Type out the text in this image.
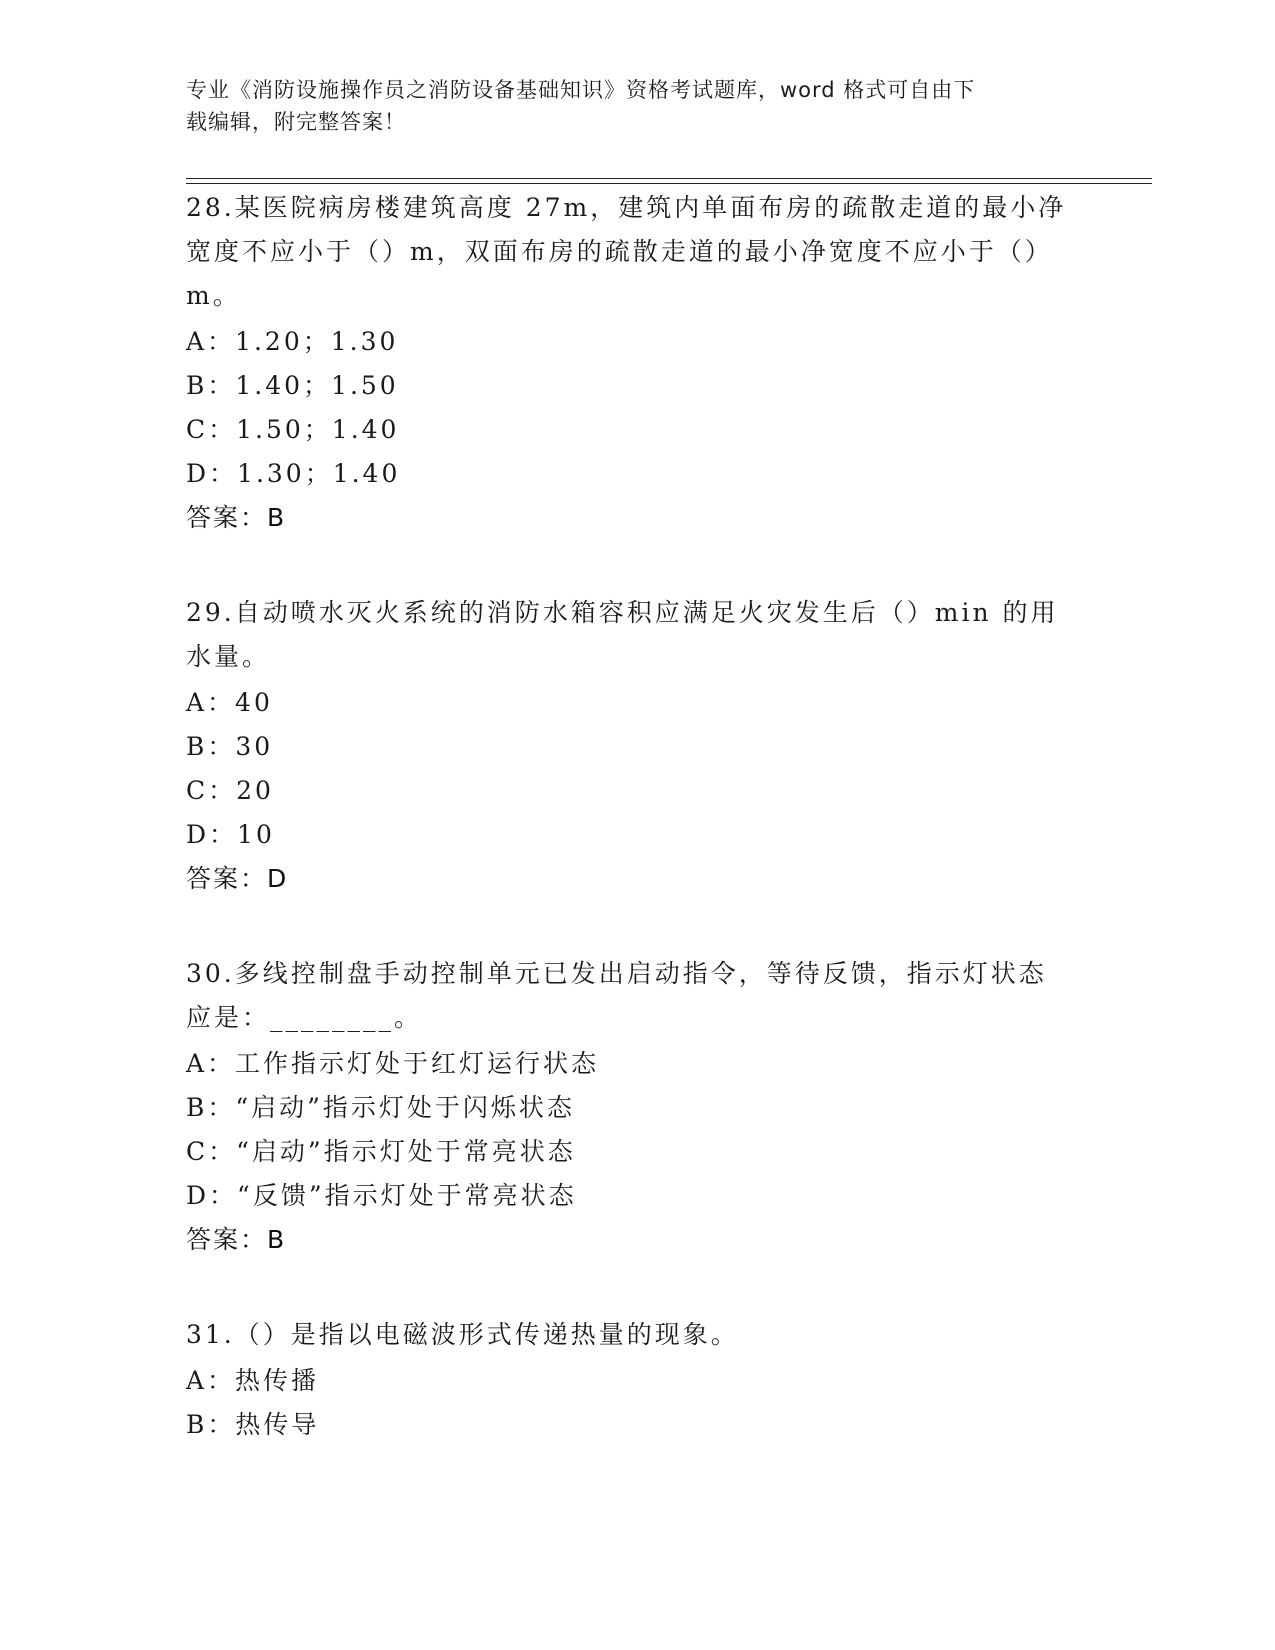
专业《消防设施操作员之消防设备基础知识》资格考试题库，word 格式可自由下
载编辑，附完整答案！
28.某医院病房楼建筑高度 27m，建筑内单面布房的疏散走道的最小净
宽度不应小于（）m，双面布房的疏散走道的最小净宽度不应小于（）
m。
A：1.20；1.30
B：1.40；1.50
C：1.50；1.40
D：1.30；1.40
答案：B
29.自动喷水灭火系统的消防水箱容积应满足火灾发生后（）min 的用
水量。
A：40
B：30
C：20
D：10
答案：D
30.多线控制盘手动控制单元已发出启动指令，等待反馈，指示灯状态
应是：________。
A：工作指示灯处于红灯运行状态
B：“启动”指示灯处于闪烁状态
C：“启动”指示灯处于常亮状态
D：“反馈”指示灯处于常亮状态
答案：B
31.（）是指以电磁波形式传递热量的现象。
A：热传播
B：热传导
